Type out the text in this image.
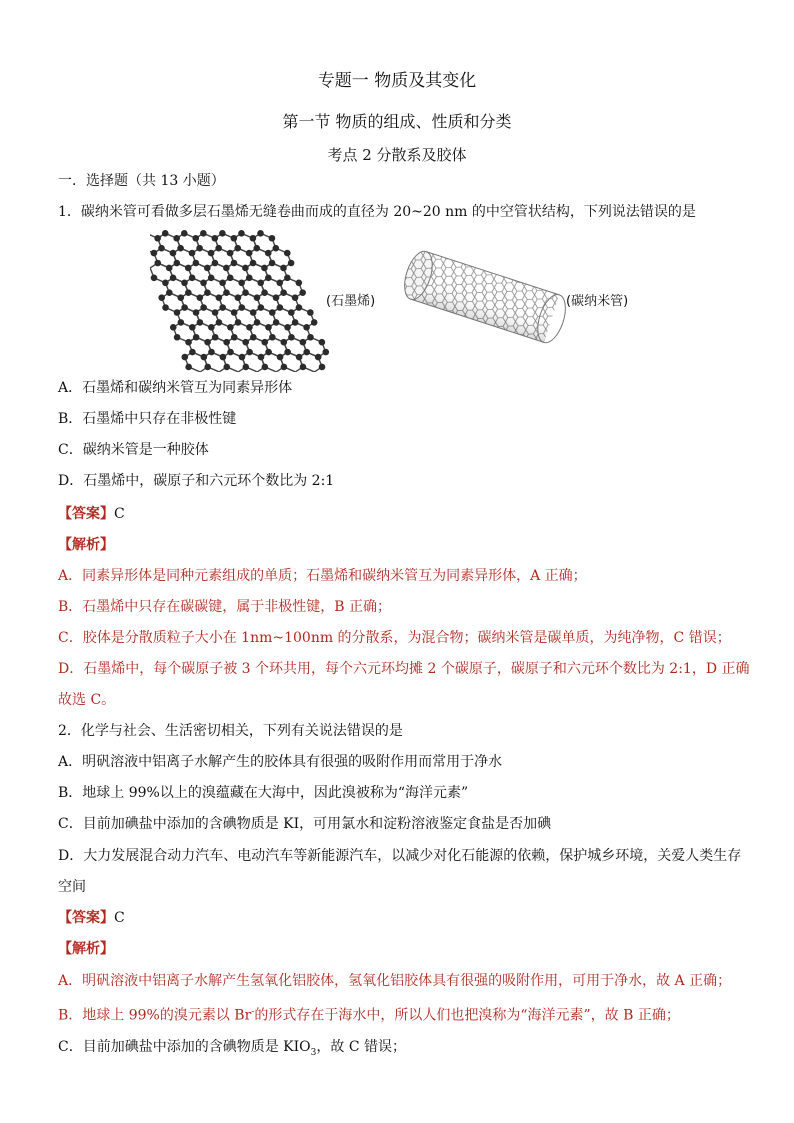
专题一 物质及其变化
第一节 物质的组成、性质和分类
考点 2 分散系及胶体
一．选择题（共 13 小题）
1．碳纳米管可看做多层石墨烯无缝卷曲而成的直径为 20~20 nm 的中空管状结构，下列说法错误的是
(石墨烯)	(碳纳米管)
A．石墨烯和碳纳米管互为同素异形体
B．石墨烯中只存在非极性键
C．碳纳米管是一种胶体
D．石墨烯中，碳原子和六元环个数比为 2:1
【答案】C
【解析】
A．同素异形体是同种元素组成的单质；石墨烯和碳纳米管互为同素异形体，A 正确；
B．石墨烯中只存在碳碳键，属于非极性键，B 正确；
C．胶体是分散质粒子大小在 1nm~100nm 的分散系，为混合物；碳纳米管是碳单质，为纯净物，C 错误；
D．石墨烯中，每个碳原子被 3 个环共用，每个六元环均摊 2 个碳原子，碳原子和六元环个数比为 2:1，D 正确
故选 C。
2．化学与社会、生活密切相关，下列有关说法错误的是
A．明矾溶液中铝离子水解产生的胶体具有很强的吸附作用而常用于净水
B．地球上 99%以上的溴蕴藏在大海中，因此溴被称为“海洋元素”
C．目前加碘盐中添加的含碘物质是 KI，可用氯水和淀粉溶液鉴定食盐是否加碘
D．大力发展混合动力汽车、电动汽车等新能源汽车，以减少对化石能源的依赖，保护城乡环境，关爱人类生存
空间
【答案】C
【解析】
A．明矾溶液中铝离子水解产生氢氧化铝胶体，氢氧化铝胶体具有很强的吸附作用，可用于净水，故 A 正确；
B．地球上 99%的溴元素以 Br-的形式存在于海水中，所以人们也把溴称为“海洋元素”，故 B 正确；
C．目前加碘盐中添加的含碘物质是 $KIO_3$，故 C 错误；
